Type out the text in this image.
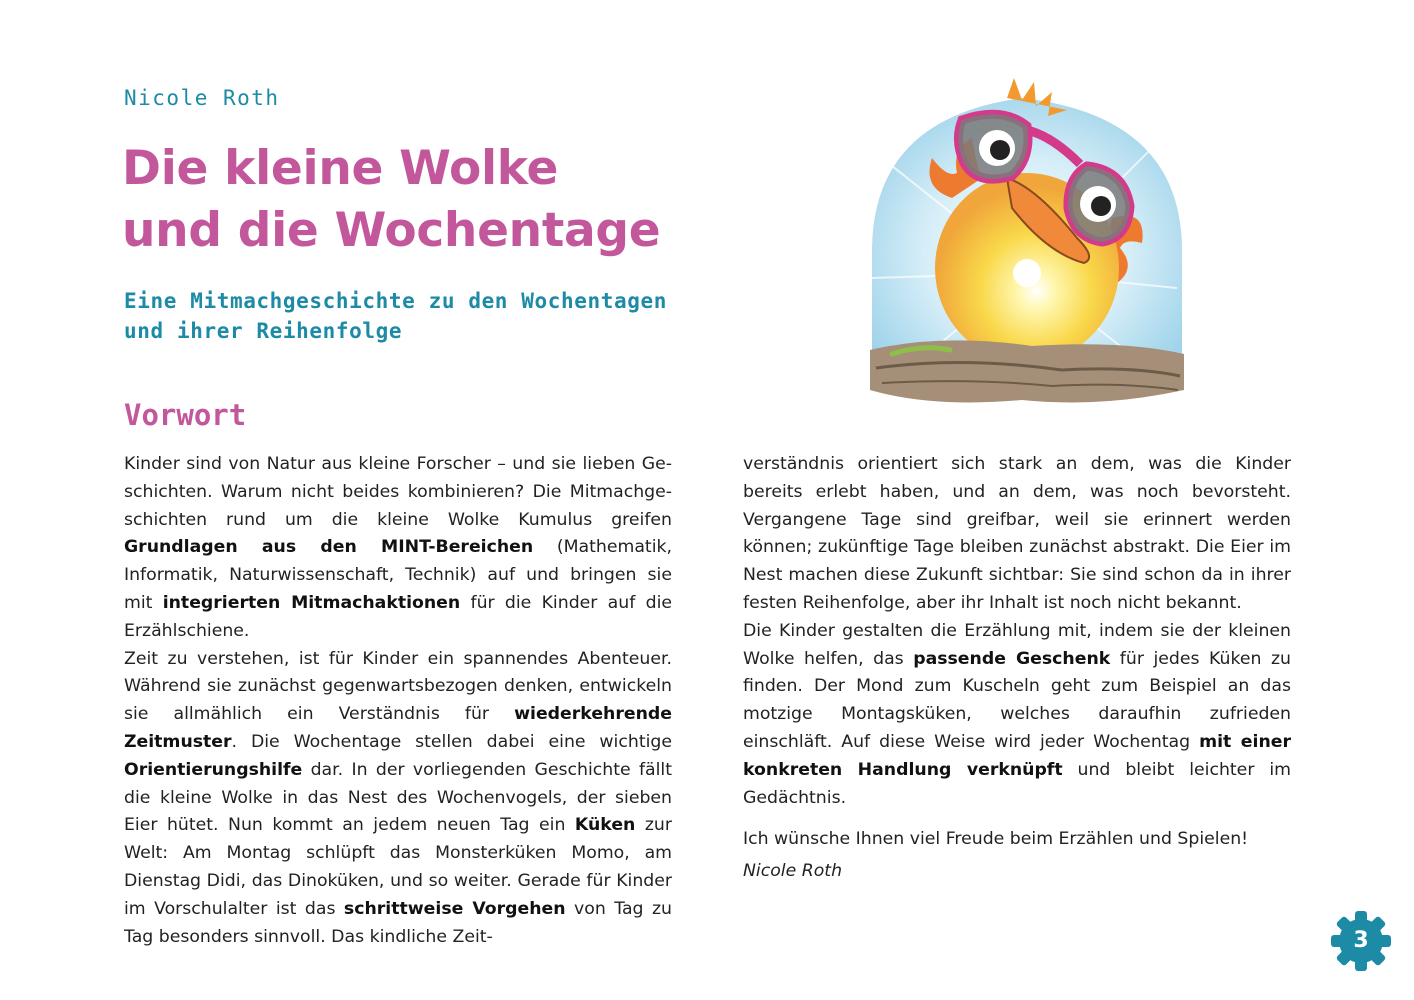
Nicole Roth
Die kleine Wolke
und die Wochentage
Eine Mitmachgeschichte zu den Wochentagen
und ihrer Reihenfolge
Vorwort

Kinder sind von Natur aus kleine Forscher – und sie lieben Geschichten. Warum nicht beides kombinieren? Die Mitmachgeschichten rund um die kleine Wolke Kumulus greifen Grundlagen aus den MINT-Bereichen (Mathematik, Informatik, Naturwissenschaft, Technik) auf und bringen sie mit integrierten Mitmachaktionen für die Kinder auf die Erzählschiene.

Zeit zu verstehen, ist für Kinder ein spannendes Abenteuer. Während sie zunächst gegenwartsbezogen denken, entwickeln sie allmählich ein Verständnis für wiederkehrende Zeitmuster. Die Wochentage stellen dabei eine wichtige Orientierungshilfe dar. In der vorliegenden Geschichte fällt die kleine Wolke in das Nest des Wochenvogels, der sieben Eier hütet. Nun kommt an jedem neuen Tag ein Küken zur Welt: Am Montag schlüpft das Monsterküken Momo, am Dienstag Didi, das Dinoküken, und so weiter. Gerade für Kinder im Vorschulalter ist das schrittweise Vorgehen von Tag zu Tag besonders sinnvoll. Das kindliche Zeit-

verständnis orientiert sich stark an dem, was die Kinder bereits erlebt haben, und an dem, was noch bevorsteht. Vergangene Tage sind greifbar, weil sie erinnert werden können; zukünftige Tage bleiben zunächst abstrakt. Die Eier im Nest machen diese Zukunft sichtbar: Sie sind schon da in ihrer festen Reihenfolge, aber ihr Inhalt ist noch nicht bekannt.

Die Kinder gestalten die Erzählung mit, indem sie der kleinen Wolke helfen, das passende Geschenk für jedes Küken zu finden. Der Mond zum Kuscheln geht zum Beispiel an das motzige Montagsküken, welches daraufhin zufrieden einschläft. Auf diese Weise wird jeder Wochentag mit einer konkreten Handlung verknüpft und bleibt leichter im Gedächtnis.

Ich wünsche Ihnen viel Freude beim Erzählen und Spielen!

Nicole Roth

3
